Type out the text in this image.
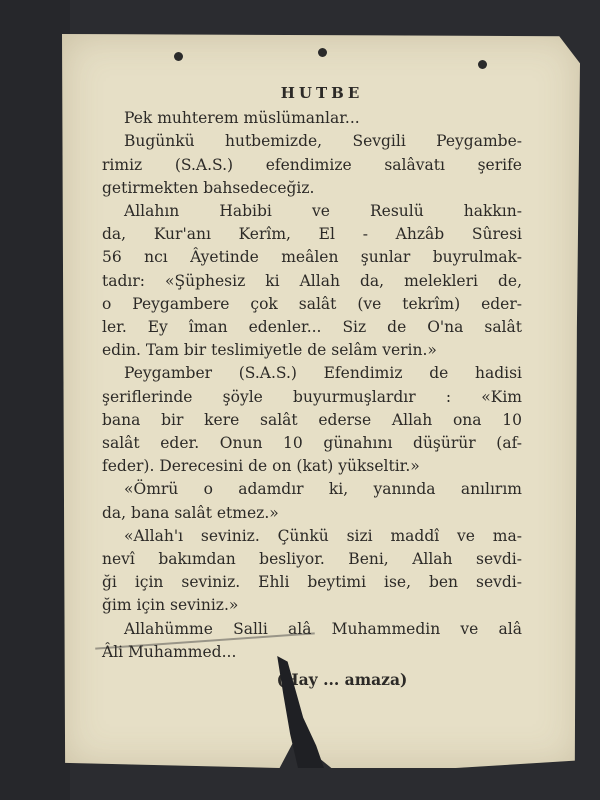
HUTBE
Pek muhterem müslümanlar...
Bugünkü hutbemizde, Sevgili Peygambe-
rimiz (S.A.S.) efendimize salâvatı şerife
getirmekten bahsedeceğiz.
Allahın Habibi ve Resulü hakkın-
da, Kur'anı Kerîm, El - Ahzâb Sûresi
56 ncı Âyetinde meâlen şunlar buyrulmak-
tadır: «Şüphesiz ki Allah da, melekleri de,
o Peygambere çok salât (ve tekrîm) eder-
ler. Ey îman edenler... Siz de O'na salât
edin. Tam bir teslimiyetle de selâm verin.»
Peygamber (S.A.S.) Efendimiz de hadisi
şeriflerinde şöyle buyurmuşlardır : «Kim
bana bir kere salât ederse Allah ona 10
salât eder. Onun 10 günahını düşürür (af-
feder). Derecesini de on (kat) yükseltir.»
«Ömrü o adamdır ki, yanında anılırım
da, bana salât etmez.»
«Allah'ı seviniz. Çünkü sizi maddî ve ma-
nevî bakımdan besliyor. Beni, Allah sevdi-
ği için seviniz. Ehli beytimi ise, ben sevdi-
ğim için seviniz.»
Allahümme Salli alâ Muhammedin ve alâ
Âli Muhammed...
(Hay ... amaza)
